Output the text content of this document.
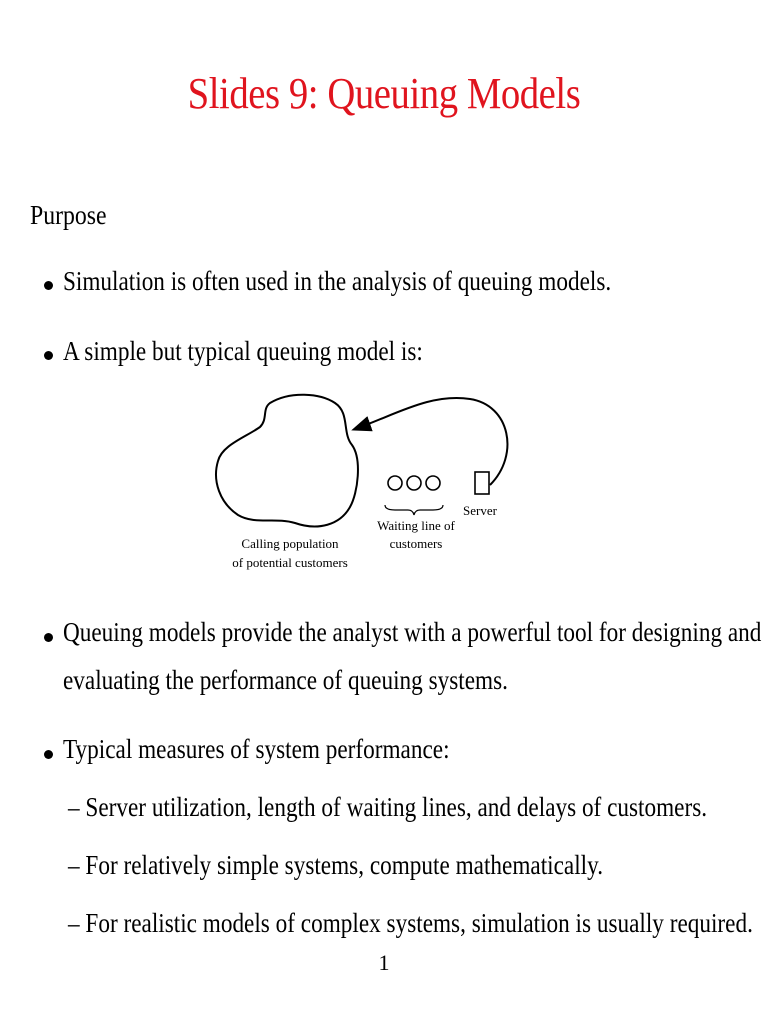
Slides 9: Queuing Models
Purpose
Simulation is often used in the analysis of queuing models.
A simple but typical queuing model is:
Calling population
of potential customers
Waiting line of
customers
Server
Queuing models provide the analyst with a powerful tool for designing and
evaluating the performance of queuing systems.
Typical measures of system performance:
– Server utilization, length of waiting lines, and delays of customers.
– For relatively simple systems, compute mathematically.
– For realistic models of complex systems, simulation is usually required.
1
